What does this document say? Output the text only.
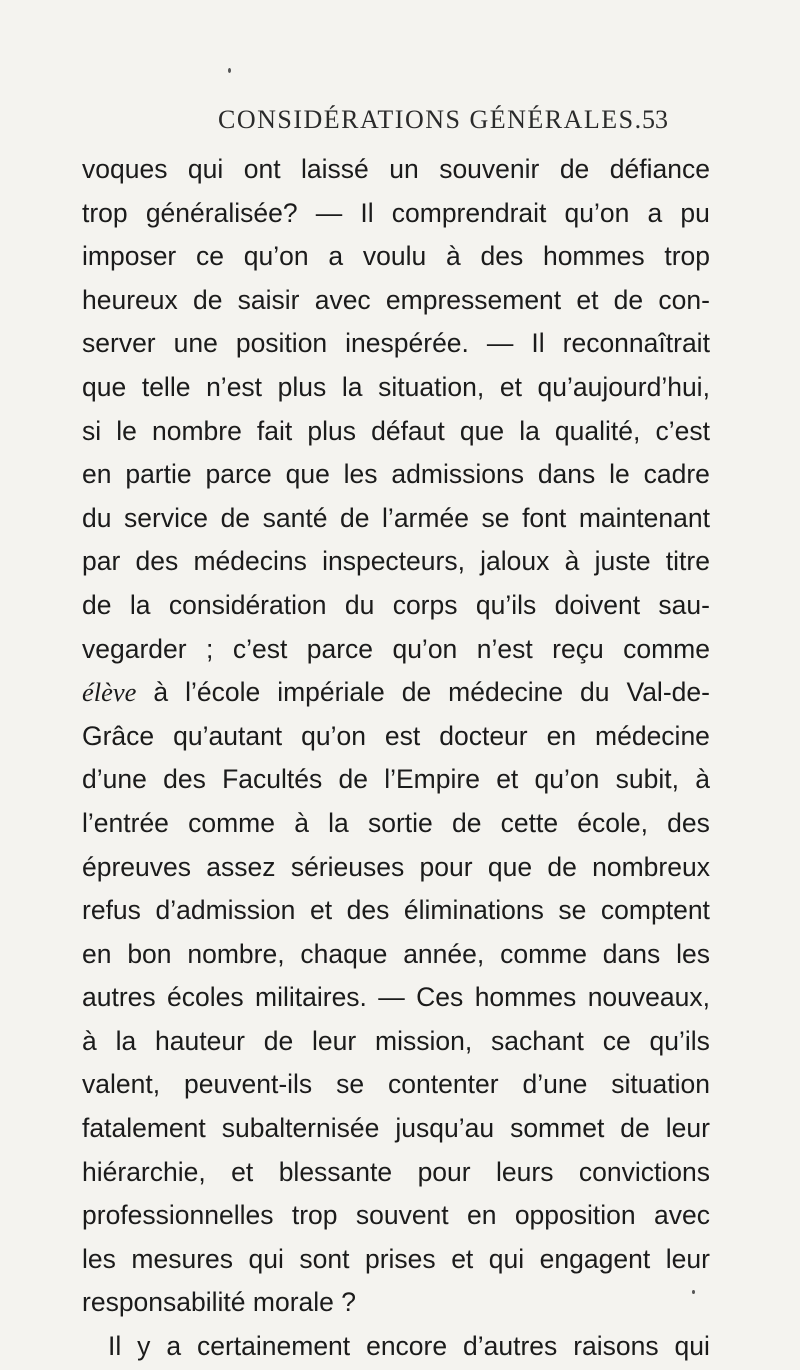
CONSIDÉRATIONS GÉNÉRALES. 53
voques qui ont laissé un souvenir de défiance
trop généralisée? — Il comprendrait qu’on a pu
imposer ce qu’on a voulu à des hommes trop
heureux de saisir avec empressement et de con-
server une position inespérée. — Il reconnaîtrait
que telle n’est plus la situation, et qu’aujourd’hui,
si le nombre fait plus défaut que la qualité, c’est
en partie parce que les admissions dans le cadre
du service de santé de l’armée se font maintenant
par des médecins inspecteurs, jaloux à juste titre
de la considération du corps qu’ils doivent sau-
vegarder ; c’est parce qu’on n’est reçu comme
élève à l’école impériale de médecine du Val-de-
Grâce qu’autant qu’on est docteur en médecine
d’une des Facultés de l’Empire et qu’on subit, à
l’entrée comme à la sortie de cette école, des
épreuves assez sérieuses pour que de nombreux
refus d’admission et des éliminations se comptent
en bon nombre, chaque année, comme dans les
autres écoles militaires. — Ces hommes nouveaux,
à la hauteur de leur mission, sachant ce qu’ils
valent, peuvent-ils se contenter d’une situation
fatalement subalternisée jusqu’au sommet de leur
hiérarchie, et blessante pour leurs convictions
professionnelles trop souvent en opposition avec
les mesures qui sont prises et qui engagent leur
responsabilité
morale
?
Il y a certainement encore d’autres raisons qui
